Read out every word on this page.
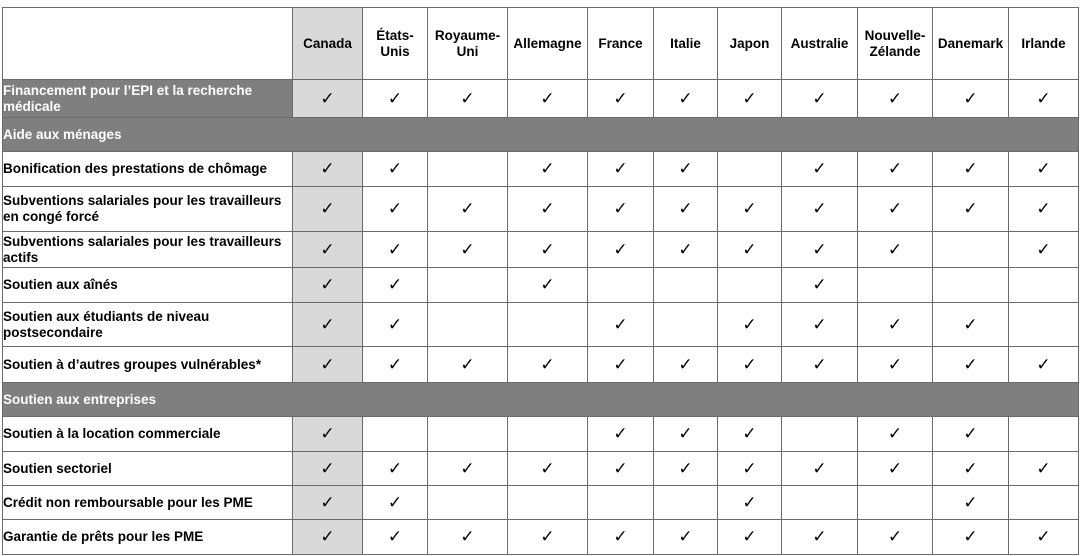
	Canada	États-
Unis	Royaume-
Uni	Allemagne	France	Italie	Japon	Australie	Nouvelle-
Zélande	Danemark	Irlande
Financement pour l’EPI et la recherche médicale	✓	✓	✓	✓	✓	✓	✓	✓	✓	✓	✓
Aide aux ménages											
Bonification des prestations de chômage	✓	✓		✓	✓	✓		✓	✓	✓	✓
Subventions salariales pour les travailleurs en congé forcé	✓	✓	✓	✓	✓	✓	✓	✓	✓	✓	✓
Subventions salariales pour les travailleurs actifs	✓	✓	✓	✓	✓	✓	✓	✓	✓		✓
Soutien aux aînés	✓	✓		✓				✓			
Soutien aux étudiants de niveau postsecondaire	✓	✓			✓		✓	✓	✓	✓	
Soutien à d’autres groupes vulnérables*	✓	✓	✓	✓	✓	✓	✓	✓	✓	✓	✓
Soutien aux entreprises											
Soutien à la location commerciale	✓				✓	✓	✓		✓	✓	
Soutien sectoriel	✓	✓	✓	✓	✓	✓	✓	✓	✓	✓	✓
Crédit non remboursable pour les PME	✓	✓					✓			✓	
Garantie de prêts pour les PME	✓	✓	✓	✓	✓	✓	✓	✓	✓	✓	✓
